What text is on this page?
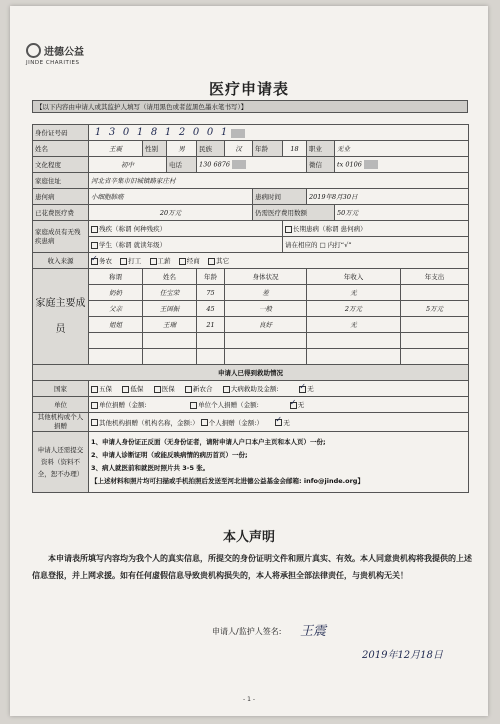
进德公益
JINDE CHARITIES
医疗申请表
【以下内容由申请人或其监护人填写（请用黑色或者蓝黑色墨水笔书写）】
身份证号码	1 3 0 1 8 1 2 0 0 1									
姓名	王震	性别	男	民族	汉	年龄	18	职业	无业	
文化程度	初中		电话	130 6876				微信	tx 0106	
家庭住址	河北省辛集市旧城镇路家庄村									
患何病	小细胞肺癌					患病时间		2019年8月30日		
已花费医疗费	20万元					仍需医疗费用数额			50万元	
家庭成员有无残疾患病	残疾（称谓 何种残疾）						长期患病（称谓 患何病）			
	学生（称谓 就读年级）						请在相应的 □ 内打“√”			
收入来源	✓务农 打工 工薪 经商 其它
家庭主要成员	称谓	姓名		年龄	身体状况			年收入		年支出
	奶奶	任宝荣		75	差			无		
	父亲	王国振		45	一般			2万元		5万元
	姐姐	王瑞		21	良好			无		

申请人已得到救助情况										
国家	五保 低保 医保 新农合 大病救助及金额: ✓ 无
单位	单位捐赠（金额: 单位个人捐赠（金额: ✓ 无
其他机构或个人捐赠	其他机构捐赠（机构名称，金额:） 个人捐赠（金额:） ✓ 无
申请人还需提交资料（资料不全，恕不办理）	1、申请人身份证正反面（无身份证者，请附申请人户口本户主页和本人页）一份;
2、申请人诊断证明（或能反映病情的病历首页）一份;
3、病人就医前和就医时照片共 3-5 张。
【上述材料和照片均可扫描或手机拍照后发送至河北进德公益基金会邮箱: info@jinde.org】									
本人声明
本申请表所填写内容均为我个人的真实信息，所提交的身份证明文件和照片真实、有效。本人同意贵机构将我提供的上述信息登报，并上网求援。如有任何虚假信息导致贵机构损失的，本人将承担全部法律责任，与贵机构无关！
申请人/监护人签名: 王震
2019年12月18日
- 1 -
